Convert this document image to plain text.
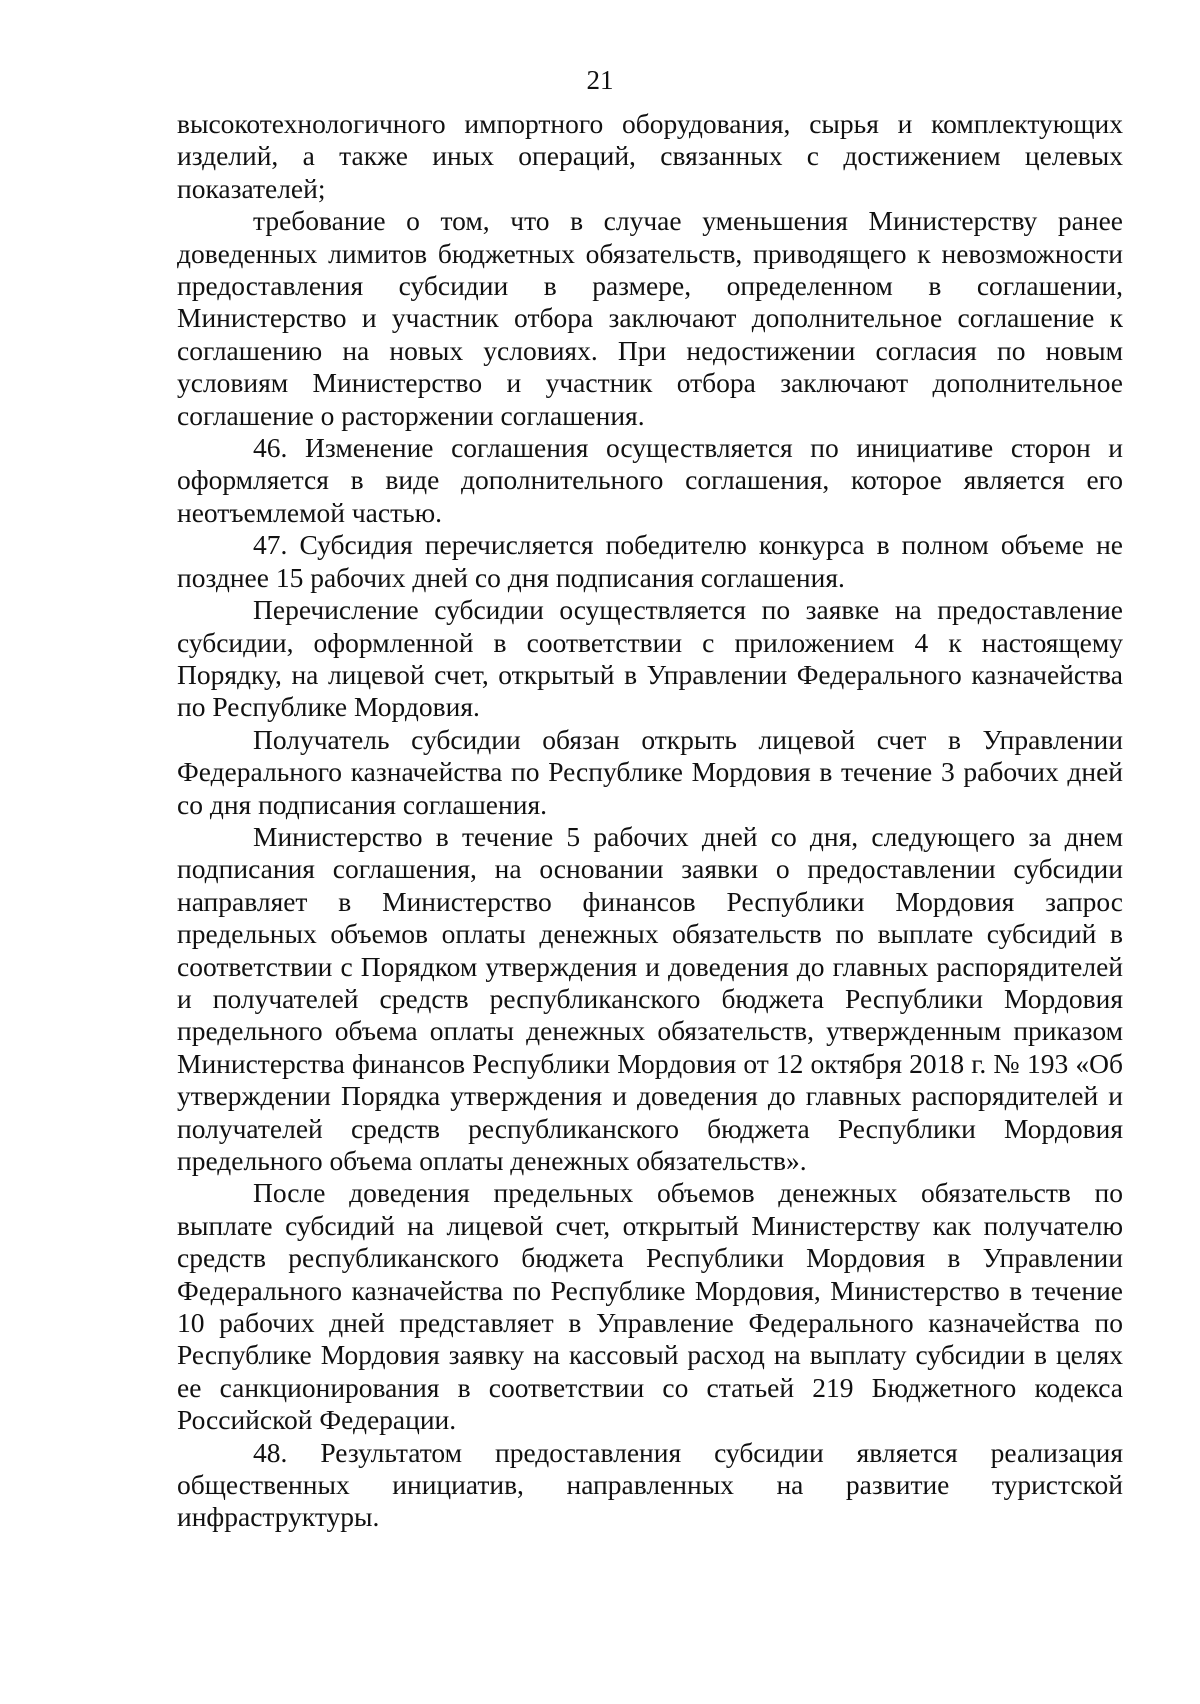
21

высокотехнологичного импортного оборудования, сырья и комплектующих изделий, а также иных операций, связанных с достижением целевых показателей;

требование о том, что в случае уменьшения Министерству ранее доведенных лимитов бюджетных обязательств, приводящего к невозможности предоставления субсидии в размере, определенном в соглашении, Министерство и участник отбора заключают дополнительное соглашение к соглашению на новых условиях. При недостижении согласия по новым условиям Министерство и участник отбора заключают дополнительное соглашение о расторжении соглашения.

46. Изменение соглашения осуществляется по инициативе сторон и оформляется в виде дополнительного соглашения, которое является его неотъемлемой частью.

47. Субсидия перечисляется победителю конкурса в полном объеме не позднее 15 рабочих дней со дня подписания соглашения.

Перечисление субсидии осуществляется по заявке на предоставление субсидии, оформленной в соответствии с приложением 4 к настоящему Порядку, на лицевой счет, открытый в Управлении Федерального казначейства по Республике Мордовия.

Получатель субсидии обязан открыть лицевой счет в Управлении Федерального казначейства по Республике Мордовия в течение 3 рабочих дней со дня подписания соглашения.

Министерство в течение 5 рабочих дней со дня, следующего за днем подписания соглашения, на основании заявки о предоставлении субсидии направляет в Министерство финансов Республики Мордовия запрос предельных объемов оплаты денежных обязательств по выплате субсидий в соответствии с Порядком утверждения и доведения до главных распорядителей и получателей средств республиканского бюджета Республики Мордовия предельного объема оплаты денежных обязательств, утвержденным приказом Министерства финансов Республики Мордовия от 12 октября 2018 г. № 193 «Об утверждении Порядка утверждения и доведения до главных распорядителей и получателей средств республиканского бюджета Республики Мордовия предельного объема оплаты денежных обязательств».

После доведения предельных объемов денежных обязательств по выплате субсидий на лицевой счет, открытый Министерству как получателю средств республиканского бюджета Республики Мордовия в Управлении Федерального казначейства по Республике Мордовия, Министерство в течение 10 рабочих дней представляет в Управление Федерального казначейства по Республике Мордовия заявку на кассовый расход на выплату субсидии в целях ее санкционирования в соответствии со статьей 219 Бюджетного кодекса Российской Федерации.

48. Результатом предоставления субсидии является реализация общественных инициатив, направленных на развитие туристской инфраструктуры.
